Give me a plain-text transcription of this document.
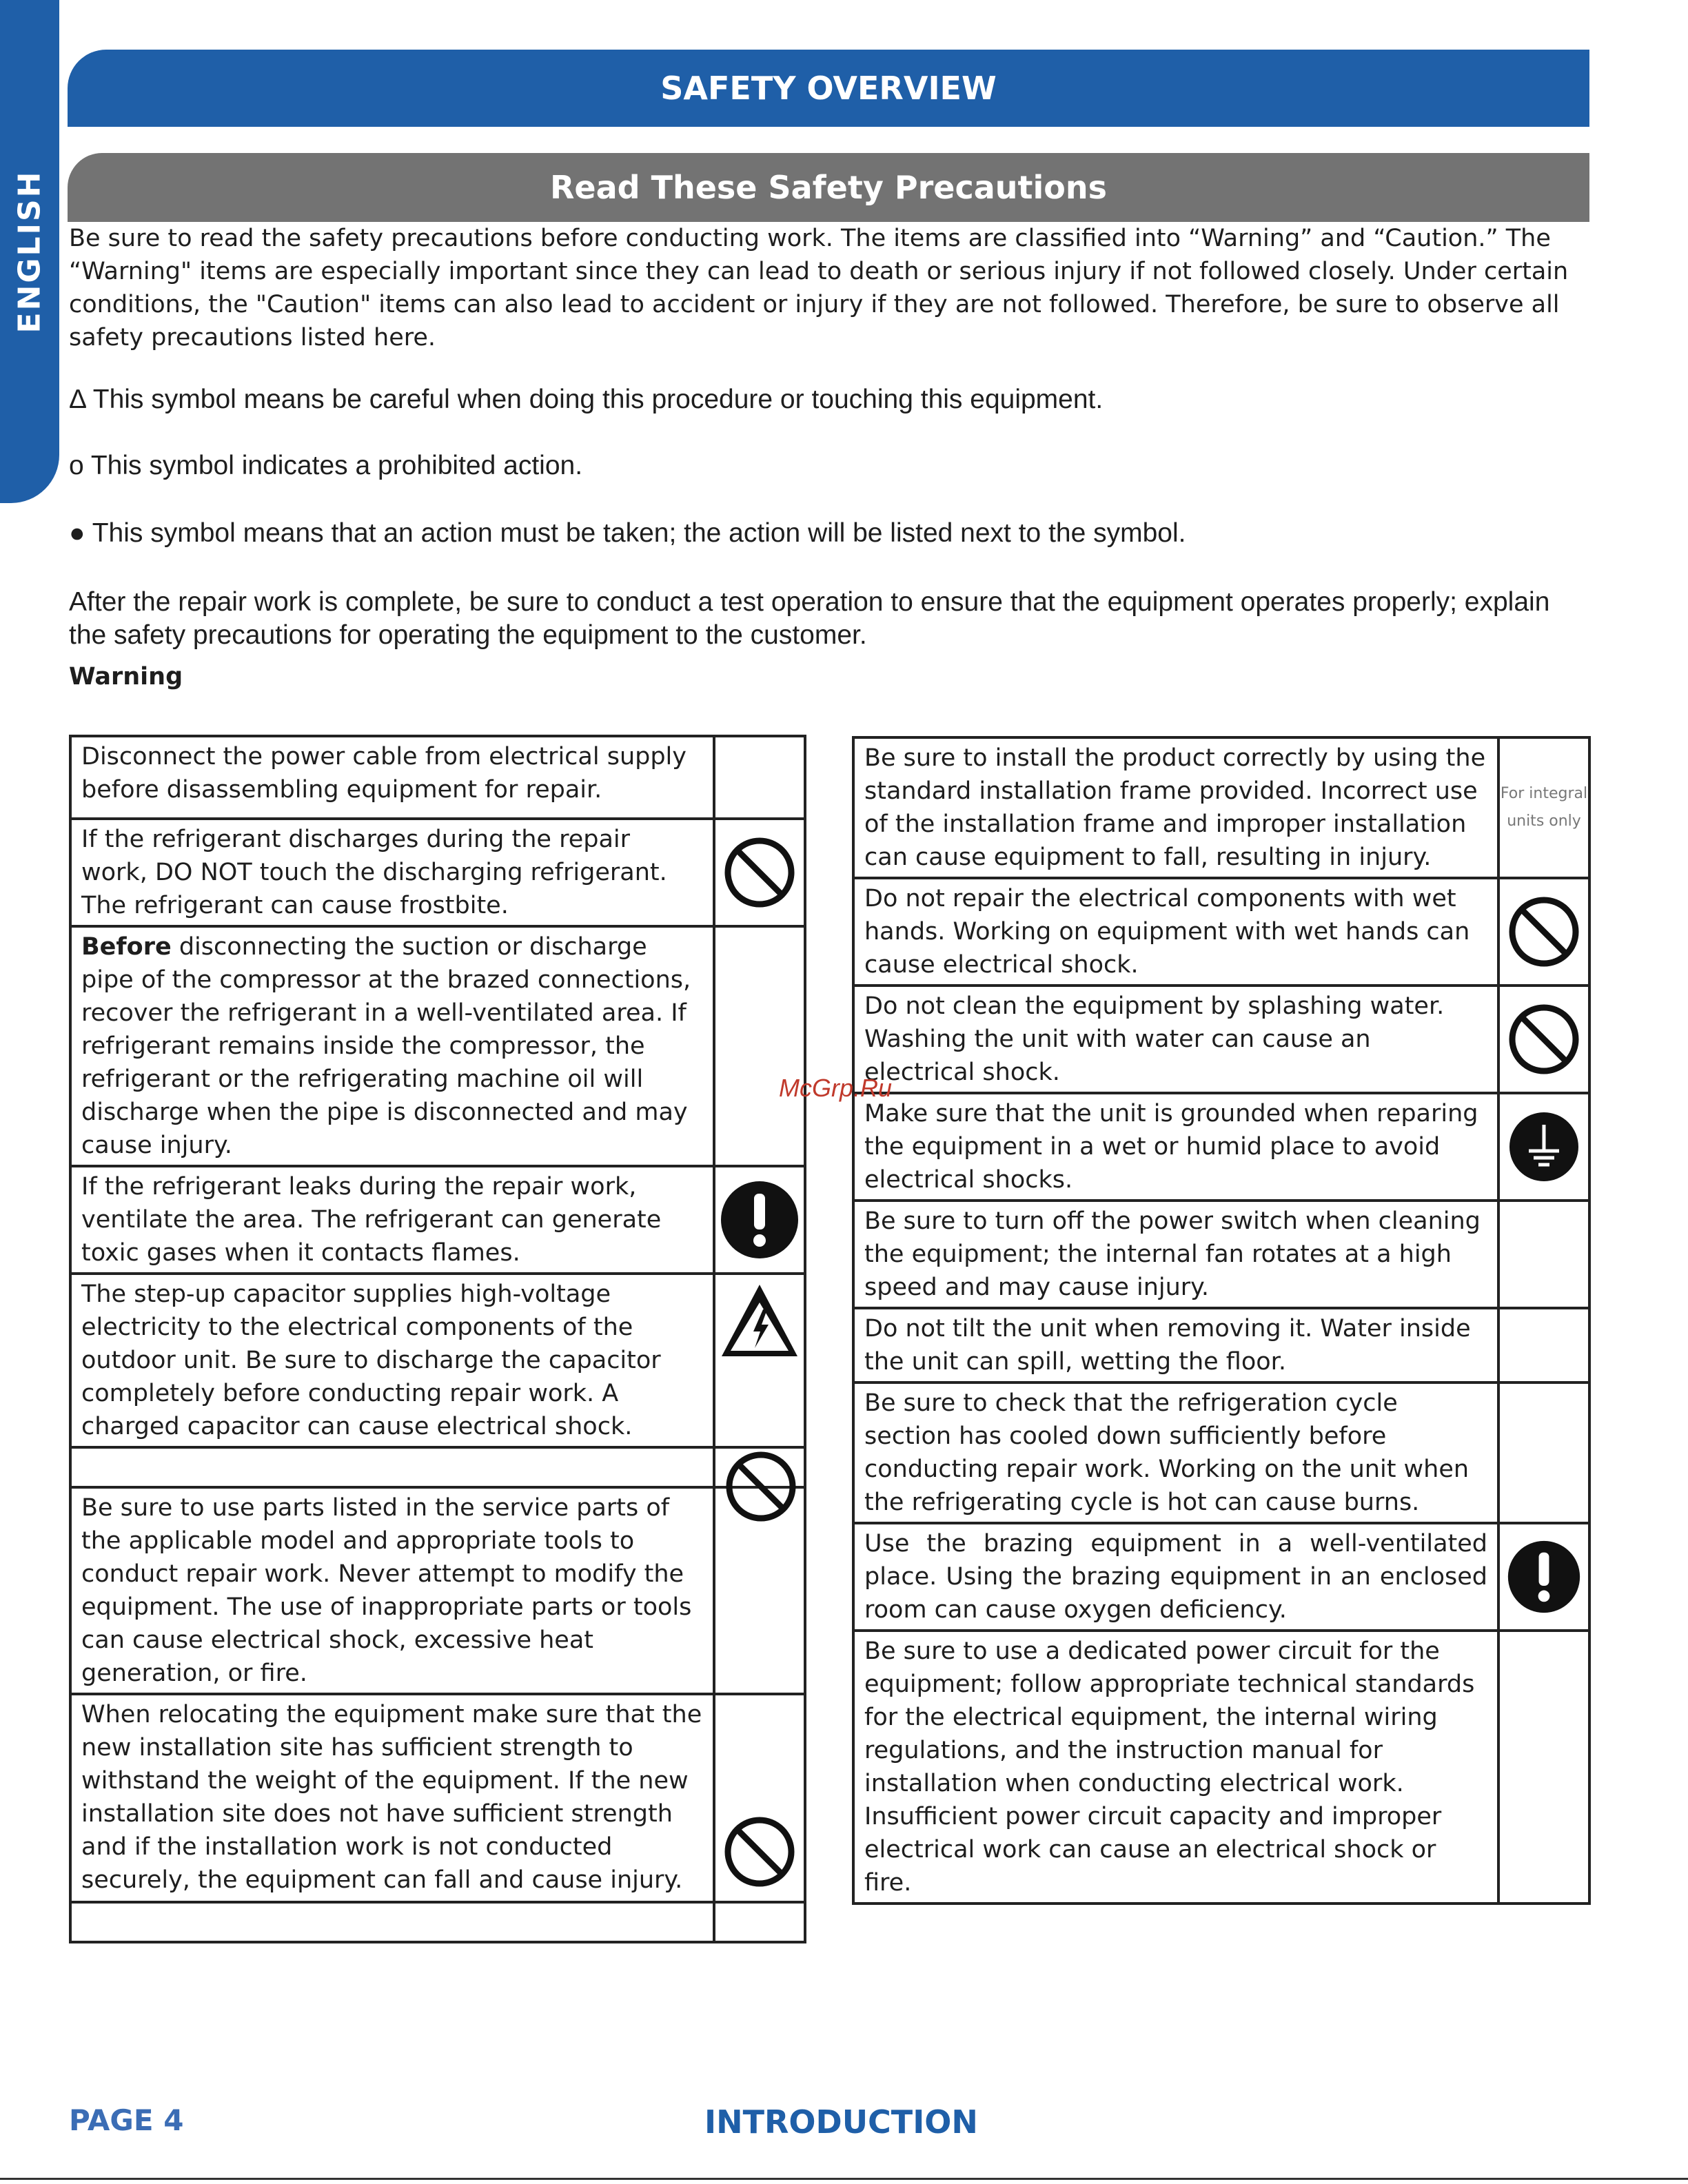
ENGLISH
SAFETY OVERVIEW
Read These Safety Precautions
Be sure to read the safety precautions before conducting work. The items are classified into “Warning” and “Caution.” The “Warning" items are especially important since they can lead to death or serious injury if not followed closely. Under certain conditions, the "Caution" items can also lead to accident or injury if they are not followed. Therefore, be sure to observe all safety precautions listed here.
Δ This symbol means be careful when doing this procedure or touching this equipment.
o This symbol indicates a prohibited action.
● This symbol means that an action must be taken; the action will be listed next to the symbol.
After the repair work is complete, be sure to conduct a test operation to ensure that the equipment operates properly; explain the safety precautions for operating the equipment to the customer.
Warning
Disconnect the power cable from electrical supply before disassembling equipment for repair.	
If the refrigerant discharges during the repair work, DO NOT touch the discharging refrigerant. The refrigerant can cause frostbite.	

Before disconnecting the suction or discharge pipe of the compressor at the brazed connections, recover the refrigerant in a well-ventilated area. If refrigerant remains inside the compressor, the refrigerant or the refrigerating machine oil will discharge when the pipe is disconnected and may cause injury.	
If the refrigerant leaks during the repair work, ventilate the area. The refrigerant can generate toxic gases when it contacts flames.	

The step-up capacitor supplies high-voltage electricity to the electrical components of the outdoor unit. Be sure to discharge the capacitor completely before conducting repair work. A charged capacitor can cause electrical shock.	

Be sure to use parts listed in the service parts of the applicable model and appropriate tools to conduct repair work. Never attempt to modify the equipment. The use of inappropriate parts or tools can cause electrical shock, excessive heat generation, or fire.	
When relocating the equipment make sure that the new installation site has sufficient strength to withstand the weight of the equipment. If the new installation site does not have sufficient strength and if the installation work is not conducted securely, the equipment can fall and cause injury.	

Be sure to install the product correctly by using the standard installation frame provided. Incorrect use of the installation frame and improper installation can cause equipment to fall, resulting in injury.	For integral units only

Do not repair the electrical components with wet hands. Working on equipment with wet hands can cause electrical shock.	

Do not clean the equipment by splashing water. Washing the unit with water can cause an electrical shock.	

Make sure that the unit is grounded when reparing the equipment in a wet or humid place to avoid electrical shocks.	

Be sure to turn off the power switch when cleaning the equipment; the internal fan rotates at a high speed and may cause injury.	
Do not tilt the unit when removing it. Water inside the unit can spill, wetting the floor.	
Be sure to check that the refrigeration cycle section has cooled down sufficiently before conducting repair work. Working on the unit when the refrigerating cycle is hot can cause burns.	
Use the brazing equipment in a well-ventilated place. Using the brazing equipment in an enclosed room can cause oxygen deficiency.	

Be sure to use a dedicated power circuit for the equipment; follow appropriate technical standards for the electrical equipment, the internal wiring regulations, and the instruction manual for installation when conducting electrical work. Insufficient power circuit capacity and improper electrical work can cause an electrical shock or fire.	
McGrp.Ru
PAGE 4	INTRODUCTION
